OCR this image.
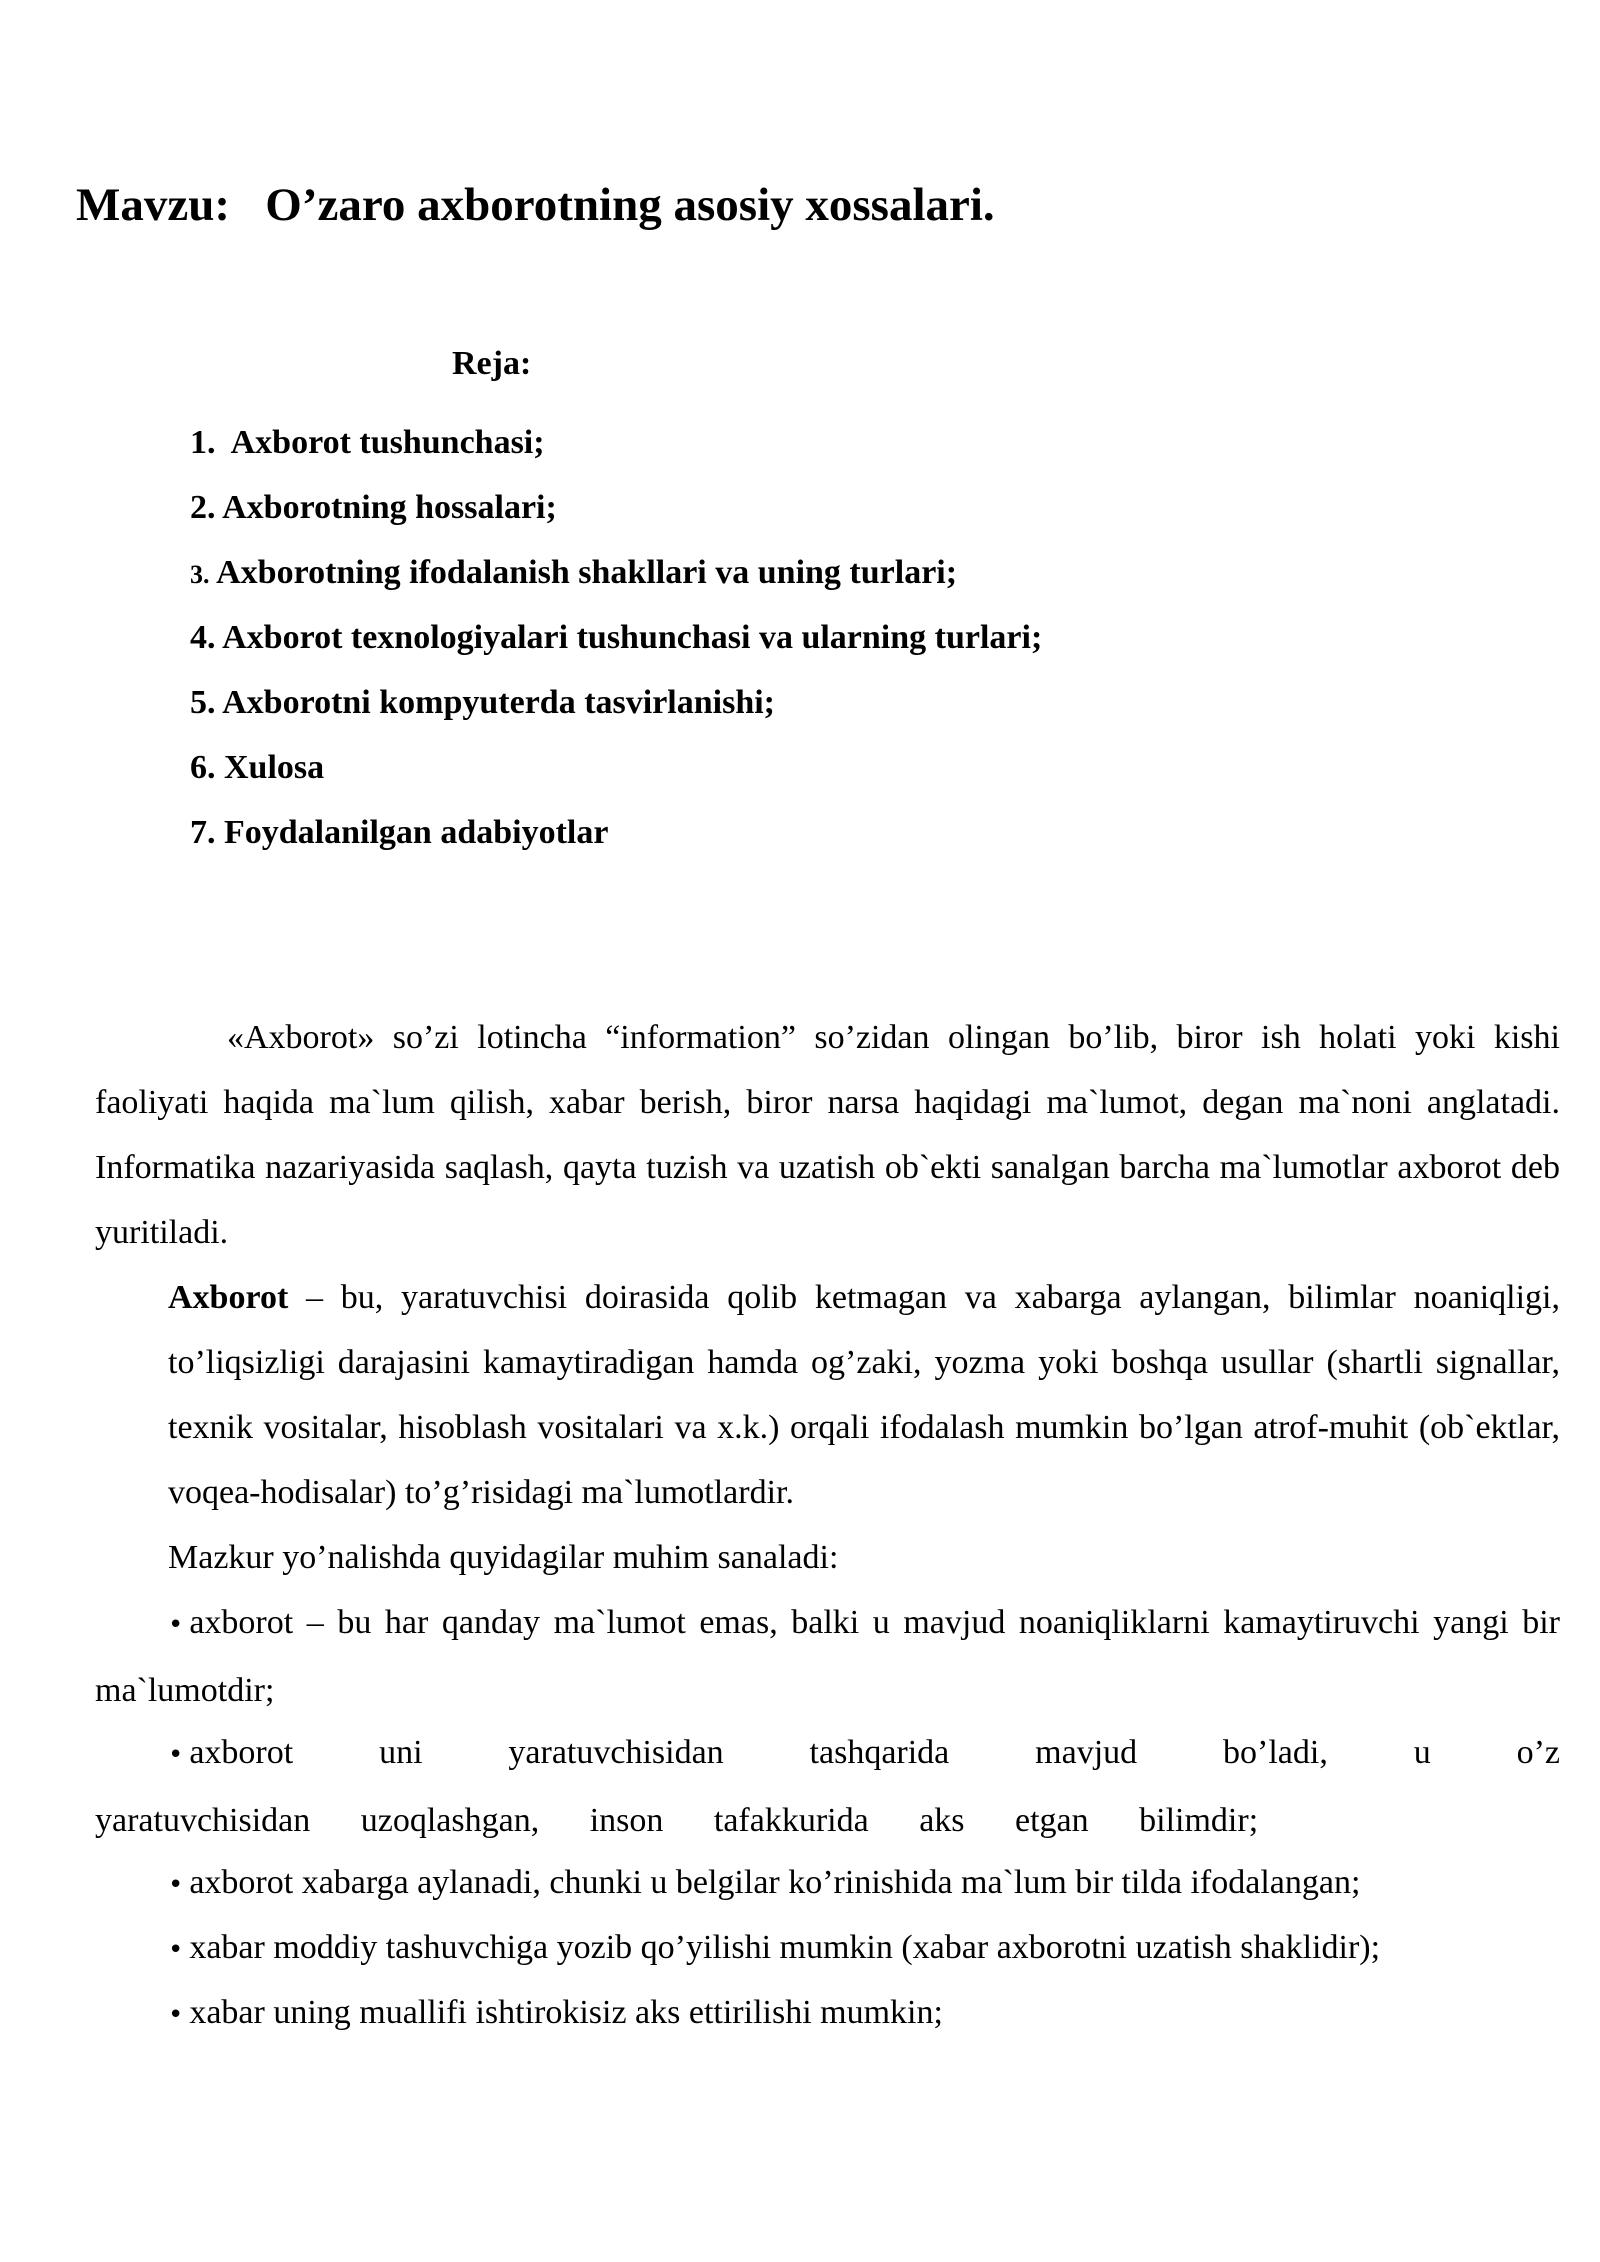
Mavzu:   O’zaro axborotning asosiy xossalari.
Reja:
1.  Axborot tushunchasi;
2. Axborotning hossalari;
3. Axborotning ifodalanish shakllari va uning turlari;
4. Axborot texnologiyalari tushunchasi va ularning turlari;
5. Axborotni kompyuterda tasvirlanishi;
6. Xulosa
7. Foydalanilgan adabiyotlar

«Axborot» so’zi lotincha “information” so’zidan olingan bo’lib, biror ish holati yoki kishi faoliyati haqida ma`lum qilish, xabar berish, biror narsa haqidagi ma`lumot, degan ma`noni anglatadi. Informatika nazariyasida saqlash, qayta tuzish va uzatish ob`ekti sanalgan barcha ma`lumotlar axborot deb yuritiladi.

Axborot – bu, yaratuvchisi doirasida qolib ketmagan va xabarga aylangan, bilimlar noaniqligi, to’liqsizligi darajasini kamaytiradigan hamda og’zaki, yozma yoki boshqa usullar (shartli signallar, texnik vositalar, hisoblash vositalari va x.k.) orqali ifodalash mumkin bo’lgan atrof-muhit (ob`ektlar, voqea-hodisalar) to’g’risidagi ma`lumotlardir.

Mazkur yo’nalishda quyidagilar muhim sanaladi:

• axborot – bu har qanday ma`lumot emas, balki u mavjud noaniqliklarni kamaytiruvchi yangi bir ma`lumotdir;

• axborot uni yaratuvchisidan tashqarida mavjud bo’ladi, u o’z yaratuvchisidan uzoqlashgan, inson tafakkurida aks etgan bilimdir;

• axborot xabarga aylanadi, chunki u belgilar ko’rinishida ma`lum bir tilda ifodalangan;

• xabar moddiy tashuvchiga yozib qo’yilishi mumkin (xabar axborotni uzatish shaklidir);

• xabar uning muallifi ishtirokisiz aks ettirilishi mumkin;
